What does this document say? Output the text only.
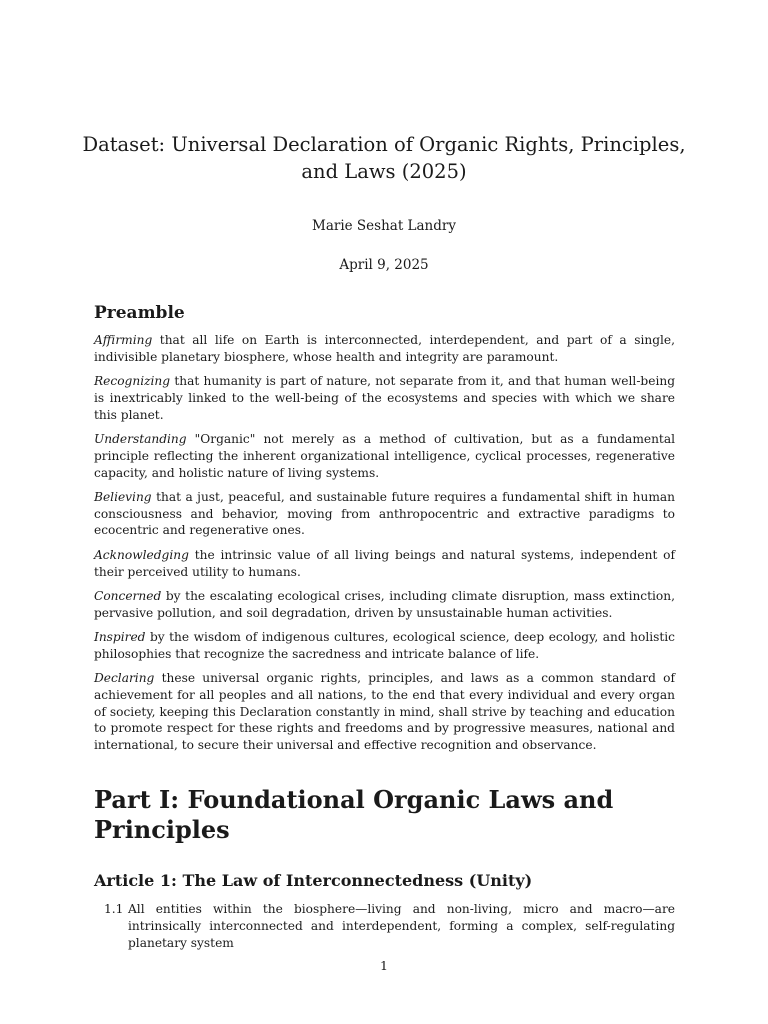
Dataset: Universal Declaration of Organic Rights, Principles, and Laws (2025)
Marie Seshat Landry
April 9, 2025
Preamble

Affirming that all life on Earth is interconnected, interdependent, and part of a single, indivisible planetary biosphere, whose health and integrity are paramount.

Recognizing that humanity is part of nature, not separate from it, and that human well-being is inextricably linked to the well-being of the ecosystems and species with which we share this planet.

Understanding "Organic" not merely as a method of cultivation, but as a fundamental principle reflecting the inherent organizational intelligence, cyclical processes, regenerative capacity, and holistic nature of living systems.

Believing that a just, peaceful, and sustainable future requires a fundamental shift in human consciousness and behavior, moving from anthropocentric and extractive paradigms to ecocentric and regenerative ones.

Acknowledging the intrinsic value of all living beings and natural systems, independent of their perceived utility to humans.

Concerned by the escalating ecological crises, including climate disruption, mass extinction, pervasive pollution, and soil degradation, driven by unsustainable human activities.

Inspired by the wisdom of indigenous cultures, ecological science, deep ecology, and holistic philosophies that recognize the sacredness and intricate balance of life.

Declaring these universal organic rights, principles, and laws as a common standard of achievement for all peoples and all nations, to the end that every individual and every organ of society, keeping this Declaration constantly in mind, shall strive by teaching and education to promote respect for these rights and freedoms and by progressive measures, national and international, to secure their universal and effective recognition and observance.

Part I: Foundational Organic Laws and Principles
Article 1: The Law of Interconnectedness (Unity)
1.1 All entities within the biosphere—living and non-living, micro and macro—are intrinsically interconnected and interdependent, forming a complex, self-regulating planetary system
1
